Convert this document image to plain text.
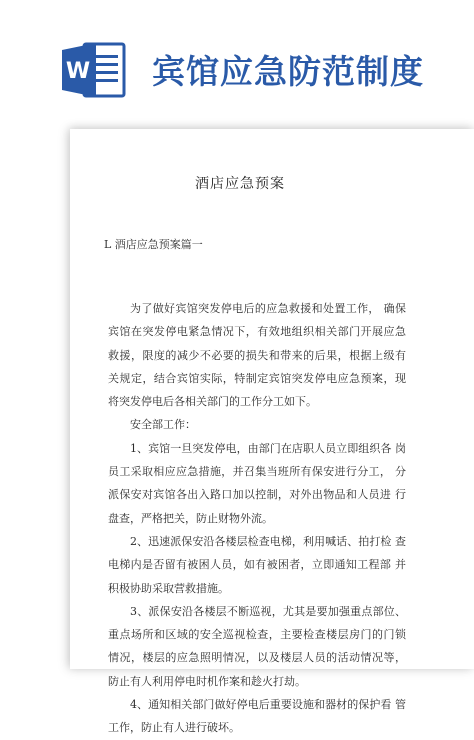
W 宾馆应急防范制度
酒店应急预案
L 酒店应急预案篇一

为了做好宾馆突发停电后的应急救援和处置工作， 确保 宾馆在突发停电紧急情况下，有效地组织相关部门开展应急 救援，限度的减少不必要的损失和带来的后果，根据上级有 关规定，结合宾馆实际，特制定宾馆突发停电应急预案，现 将突发停电后各相关部门的工作分工如下。

安全部工作：

1、宾馆一旦突发停电，由部门在店职人员立即组织各 岗员工采取相应应急措施，并召集当班所有保安进行分工， 分派保安对宾馆各出入路口加以控制，对外出物品和人员进 行盘查，严格把关，防止财物外流。

2、迅速派保安沿各楼层检查电梯，利用喊话、拍打检 查电梯内是否留有被困人员，如有被困者，立即通知工程部 并积极协助采取营救措施。

3、派保安沿各楼层不断巡视，尤其是要加强重点部位、 重点场所和区域的安全巡视检查，主要检查楼层房门的门锁 情况，楼层的应急照明情况，以及楼层人员的活动情况等， 防止有人利用停电时机作案和趁火打劫。

4、通知相关部门做好停电后重要设施和器材的保护看 管工作，防止有人进行破坏。
